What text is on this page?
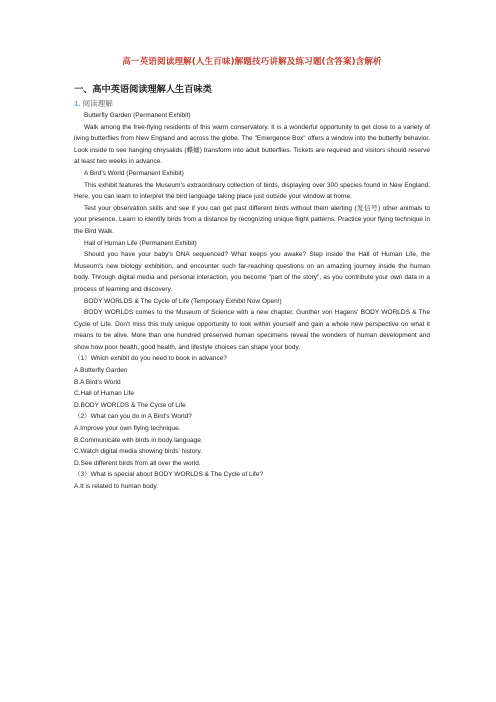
高一英语阅读理解(人生百味)解题技巧讲解及练习题(含答案)含解析
一、高中英语阅读理解人生百味类
1. 阅读理解

Butterfly Garden (Permanent Exhibit)

Walk among the free-flying residents of this warm conservatory. It is a wonderful opportunity to get close to a variety of living butterflies from New England and across the globe. The "Emergence Box" offers a window into the butterfly behavior. Look inside to see hanging chrysalids (蝶蛹) transform into adult butterflies. Tickets are required and visitors should reserve at least two weeks in advance.

A Bird's World (Permanent Exhibit)

This exhibit features the Museum's extraordinary collection of birds, displaying over 300 species found in New England. Here, you can learn to interpret the bird language taking place just outside your window at home.

Test your observation skills and see if you can get past different birds without them alerting (发信号) other animals to your presence. Learn to identify birds from a distance by recognizing unique flight patterns. Practice your flying technique in the Bird Walk.

Hall of Human Life (Permanent Exhibit)

Should you have your baby's DNA sequenced? What keeps you awake? Step inside the Hall of Human Life, the Museum's new biology exhibition, and encounter such far-reaching questions on an amazing journey inside the human body. Through digital media and personal interaction, you become "part of the story", as you contribute your own data in a process of learning and discovery.

BODY WORLDS & The Cycle of Life (Temporary Exhibit Now Open!)

BODY WORLDS comes to the Museum of Science with a new chapter, Gunther von Hagens' BODY WORLDS & The Cycle of Life. Don't miss this truly unique opportunity to look within yourself and gain a whole new perspective on what it means to be alive. More than one hundred preserved human specimens reveal the wonders of human development and show how poor health, good health, and lifestyle choices can shape your body.

（1）Which exhibit do you need to book in advance?
A.Butterfly Garden
B.A Bird's World
C.Hall of Human Life
D.BODY WORLDS & The Cycle of Life
（2）What can you do in A Bird's World?
A.Improve your own flying technique.
B.Communicate with birds in body language.
C.Watch digital media showing birds' history.
D.See different birds from all over the world.
（3）What is special about BODY WORLDS & The Cycle of Life?
A.It is related to human body.
